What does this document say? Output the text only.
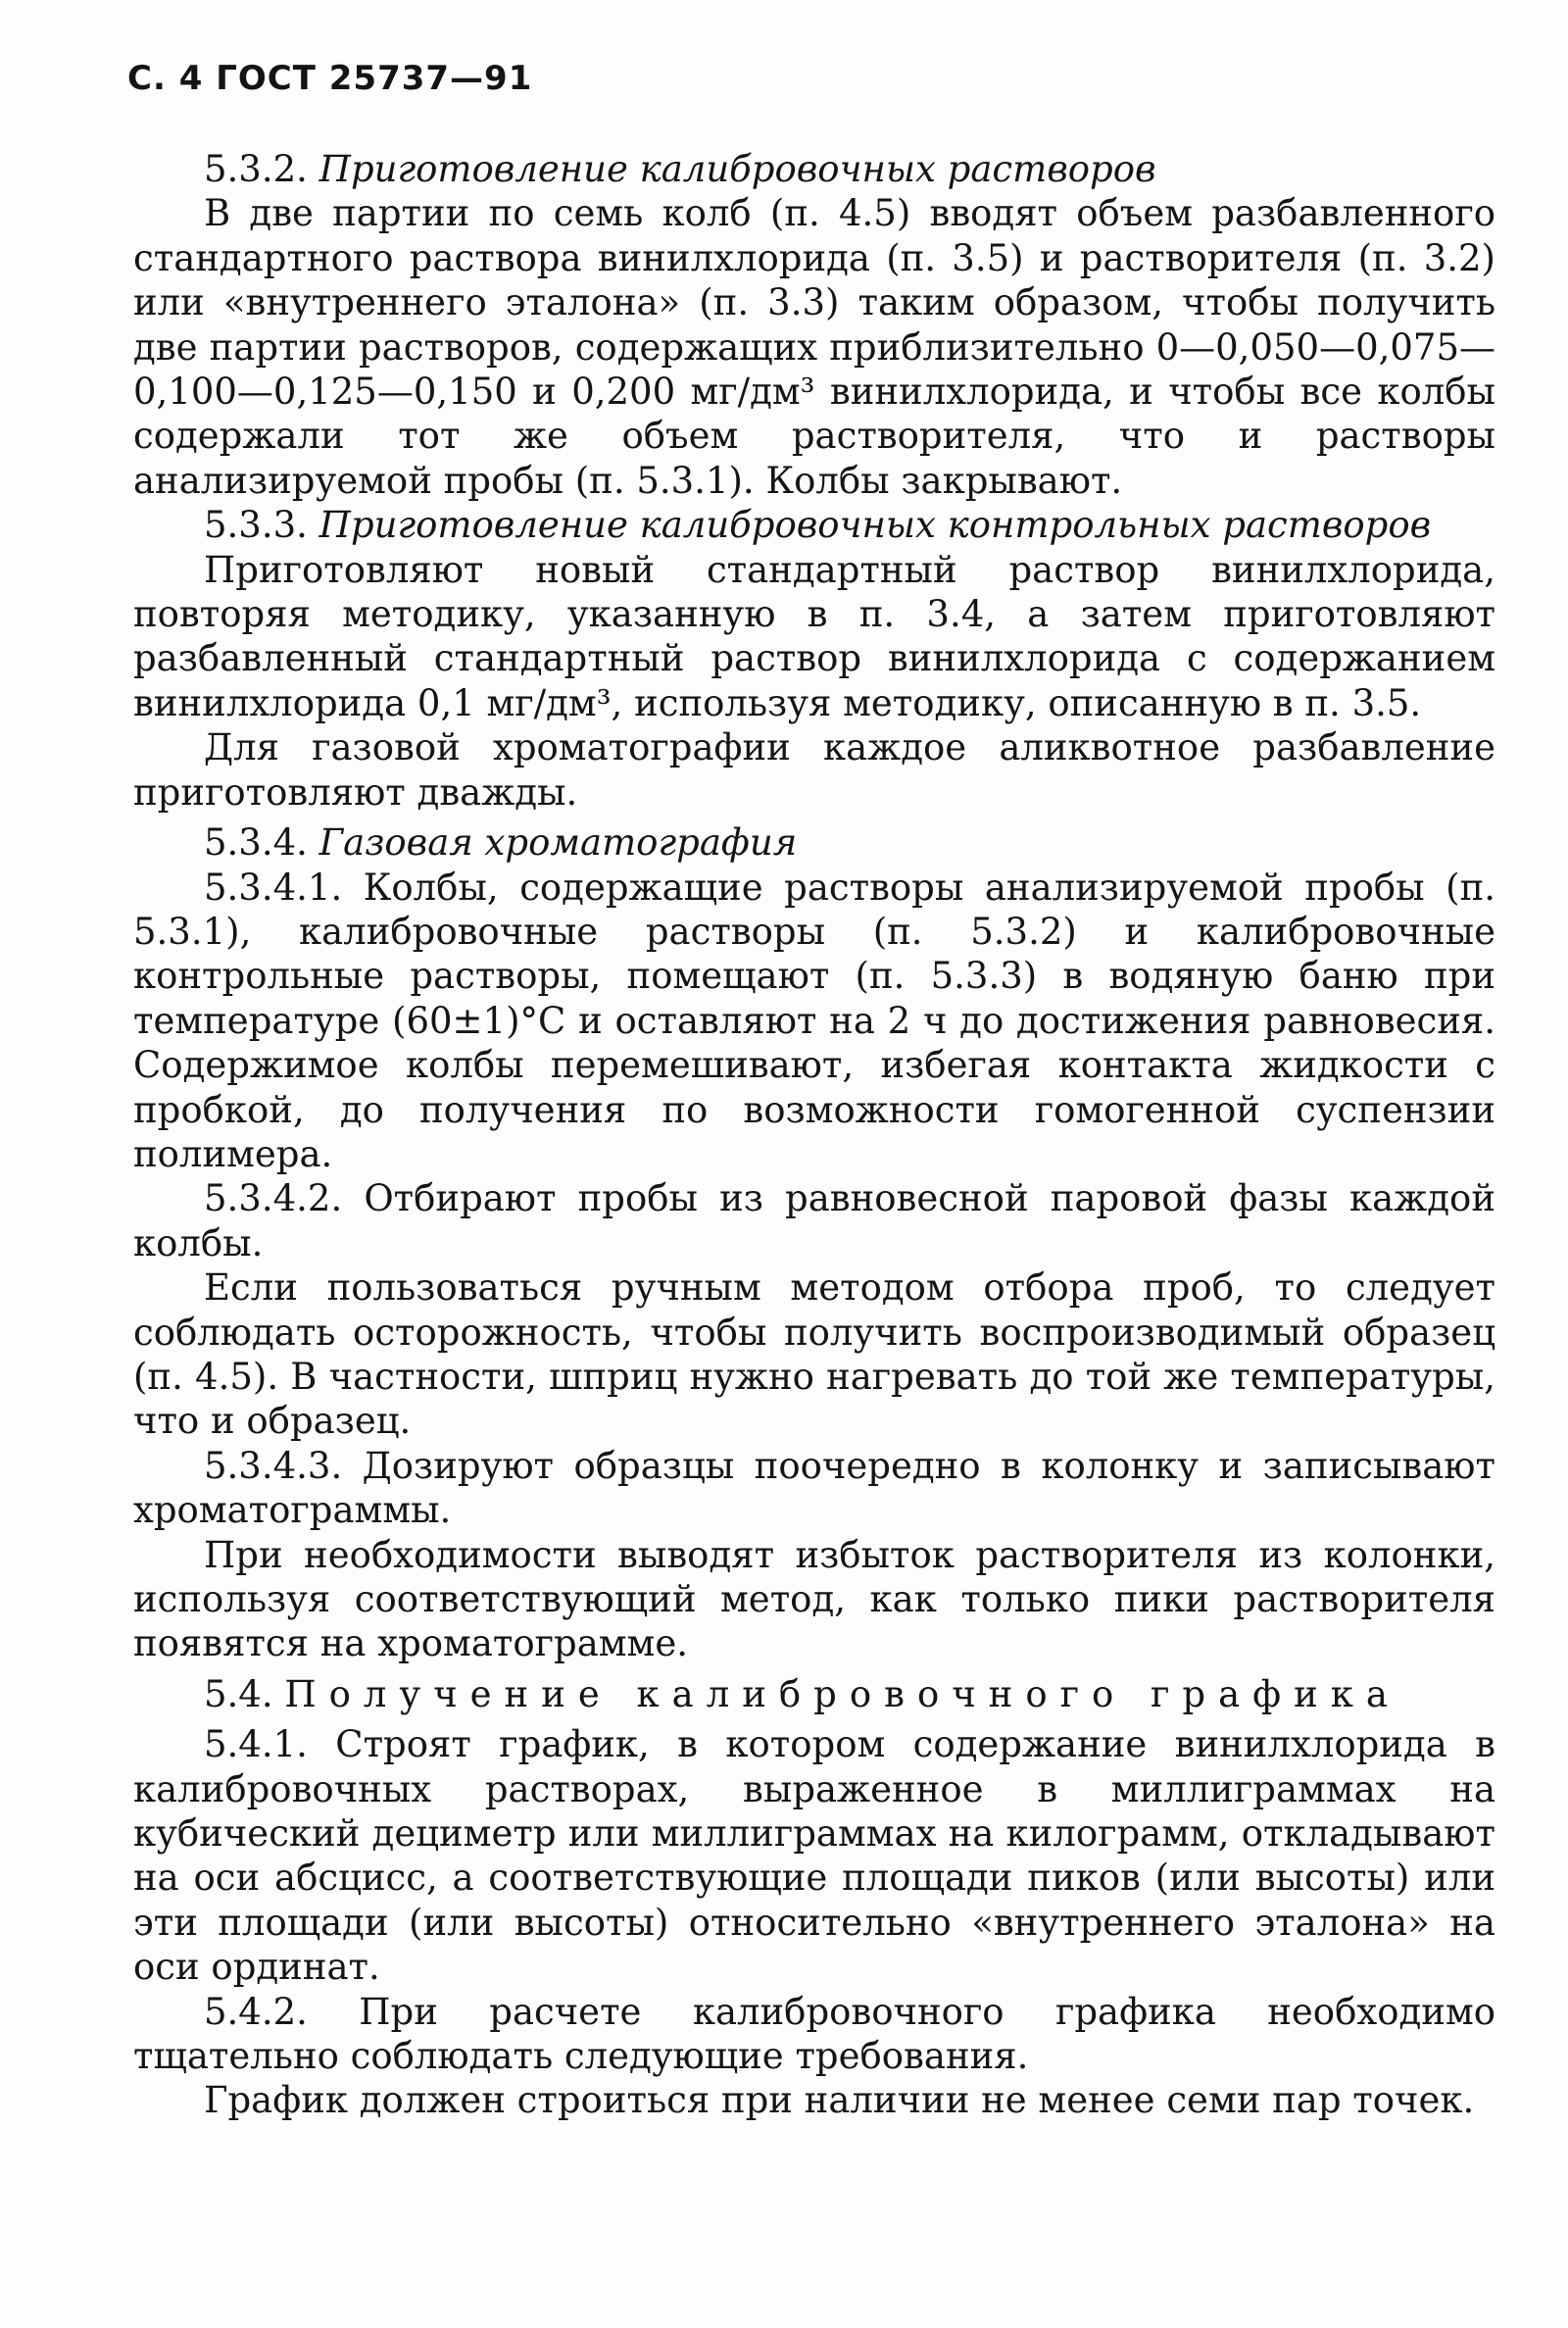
С. 4 ГОСТ 25737—91

5.3.2. Приготовление калибровочных растворов

В две партии по семь колб (п. 4.5) вводят объем разбавленного стандартного раствора винилхлорида (п. 3.5) и растворителя (п. 3.2) или «внутреннего эталона» (п. 3.3) таким образом, чтобы получить две партии растворов, содержащих приблизительно 0—0,050—0,075—0,100—0,125—0,150 и 0,200 мг/дм³ винилхлорида, и чтобы все колбы содержали тот же объем растворителя, что и растворы анализируемой пробы (п. 5.3.1). Колбы закрывают.

5.3.3. Приготовление калибровочных контрольных растворов

Приготовляют новый стандартный раствор винилхлорида, повторяя методику, указанную в п. 3.4, а затем приготовляют разбавленный стандартный раствор винилхлорида с содержанием винилхлорида 0,1 мг/дм³, используя методику, описанную в п. 3.5.

Для газовой хроматографии каждое аликвотное разбавление приготовляют дважды.

5.3.4. Газовая хроматография

5.3.4.1. Колбы, содержащие растворы анализируемой пробы (п. 5.3.1), калибровочные растворы (п. 5.3.2) и калибровочные контрольные растворы, помещают (п. 5.3.3) в водяную баню при температуре (60±1)°С и оставляют на 2 ч до достижения равновесия. Содержимое колбы перемешивают, избегая контакта жидкости с пробкой, до получения по возможности гомогенной суспензии полимера.

5.3.4.2. Отбирают пробы из равновесной паровой фазы каждой колбы.

Если пользоваться ручным методом отбора проб, то следует соблюдать осторожность, чтобы получить воспроизводимый образец (п. 4.5). В частности, шприц нужно нагревать до той же температуры, что и образец.

5.3.4.3. Дозируют образцы поочередно в колонку и записывают хроматограммы.

При необходимости выводят избыток растворителя из колонки, используя соответствующий метод, как только пики растворителя появятся на хроматограмме.

5.4. Получение калибровочного графика

5.4.1. Строят график, в котором содержание винилхлорида в калибровочных растворах, выраженное в миллиграммах на кубический дециметр или миллиграммах на килограмм, откладывают на оси абсцисс, а соответствующие площади пиков (или высоты) или эти площади (или высоты) относительно «внутреннего эталона» на оси ординат.

5.4.2. При расчете калибровочного графика необходимо тщательно соблюдать следующие требования.

График должен строиться при наличии не менее семи пар точек.
